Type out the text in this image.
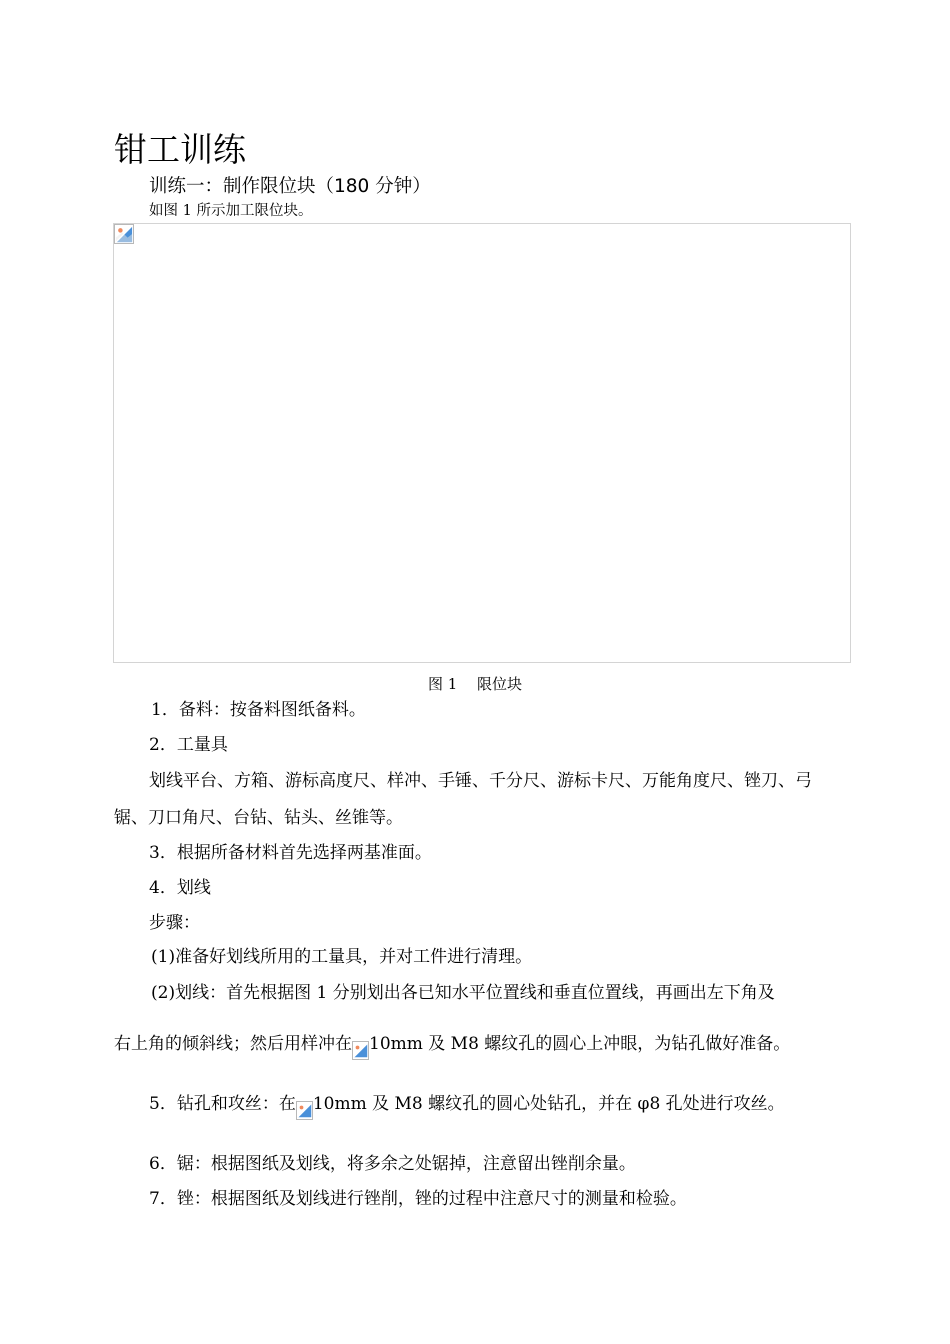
钳工训练
训练一：制作限位块（180 分钟）
如图 1 所示加工限位块。
图 1　 限位块
1．备料：按备料图纸备料。
2．工量具
划线平台、方箱、游标高度尺、样冲、手锤、千分尺、游标卡尺、万能角度尺、锉刀、弓
锯、刀口角尺、台钻、钻头、丝锥等。
3．根据所备材料首先选择两基准面。
4．划线
步骤：
(1)准备好划线所用的工量具，并对工件进行清理。
(2)划线：首先根据图 1 分别划出各已知水平位置线和垂直位置线，再画出左下角及
右上角的倾斜线；然后用样冲在 10mm 及 M8 螺纹孔的圆心上冲眼，为钻孔做好准备。
5．钻孔和攻丝：在 10mm 及 M8 螺纹孔的圆心处钻孔，并在 φ8 孔处进行攻丝。
6．锯：根据图纸及划线，将多余之处锯掉，注意留出锉削余量。
7．锉：根据图纸及划线进行锉削，锉的过程中注意尺寸的测量和检验。
